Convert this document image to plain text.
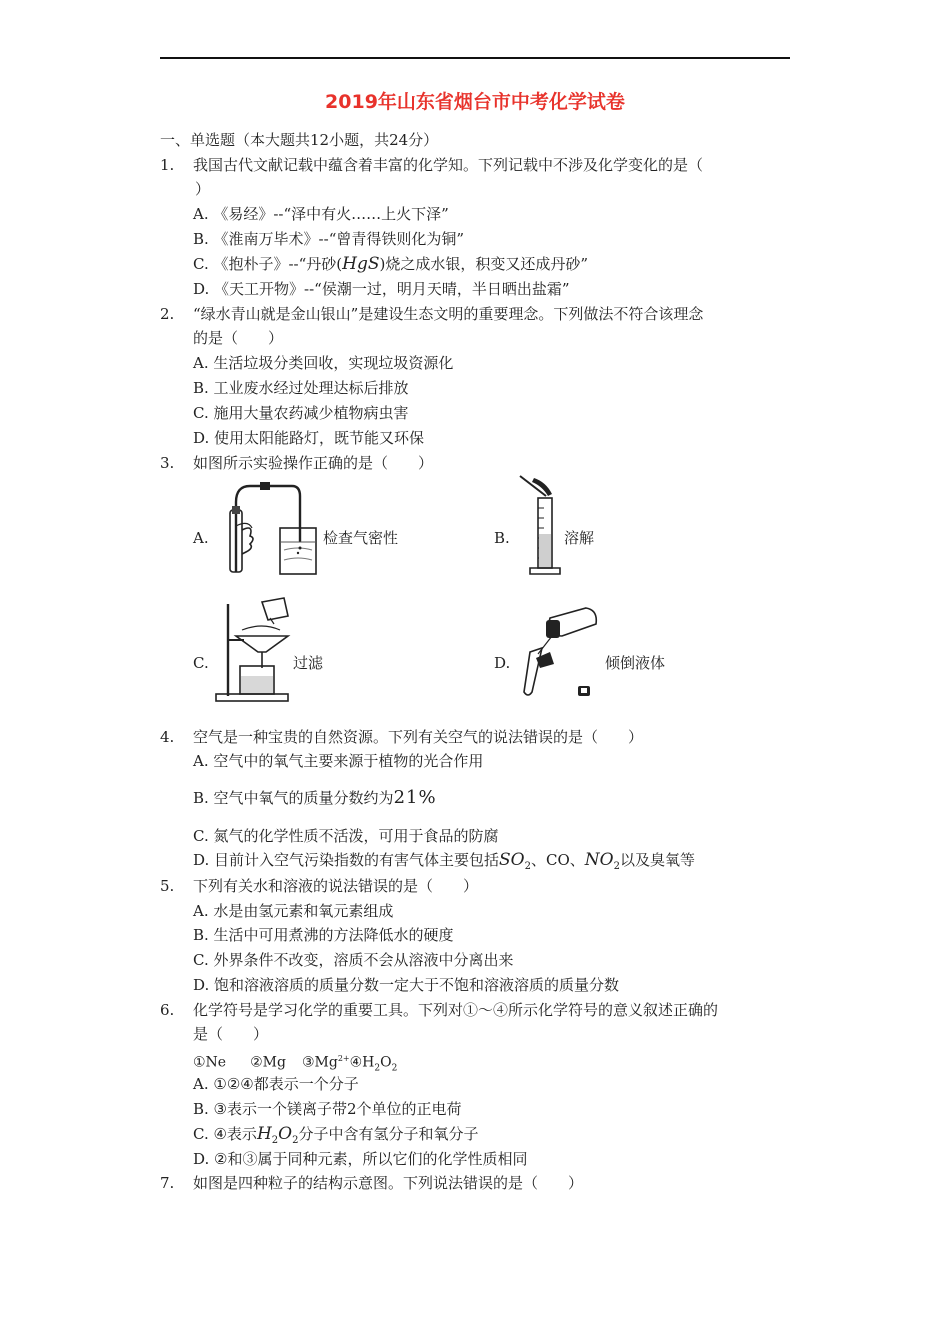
2019年山东省烟台市中考化学试卷
一、单选题（本大题共12小题，共24分）
1.	我国古代文献记载中蕴含着丰富的化学知。下列记载中不涉及化学变化的是（
）
A. 《易经》--“泽中有火……上火下泽”
B. 《淮南万毕术》--“曾青得铁则化为铜”
C. 《抱朴子》--“丹砂(HgS)烧之成水银，积变又还成丹砂”
D. 《天工开物》--“侯潮一过，明月天晴，半日晒出盐霜”
2.	“绿水青山就是金山银山”是建设生态文明的重要理念。下列做法不符合该理念
的是（　　）
A. 生活垃圾分类回收，实现垃圾资源化
B. 工业废水经过处理达标后排放
C. 施用大量农药减少植物病虫害
D. 使用太阳能路灯，既节能又环保
3.	如图所示实验操作正确的是（　　）
A.	检查气密性	B.	溶解
C.	过滤	D.	倾倒液体
4.	空气是一种宝贵的自然资源。下列有关空气的说法错误的是（　　）
A. 空气中的氧气主要来源于植物的光合作用
B. 空气中氧气的质量分数约为21%
C. 氮气的化学性质不活泼，可用于食品的防腐
D. 目前计入空气污染指数的有害气体主要包括$SO_2$、CO、$NO_2$以及臭氧等
5.	下列有关水和溶液的说法错误的是（　　）
A. 水是由氢元素和氧元素组成
B. 生活中可用煮沸的方法降低水的硬度
C. 外界条件不改变，溶质不会从溶液中分离出来
D. 饱和溶液溶质的质量分数一定大于不饱和溶液溶质的质量分数
6.	化学符号是学习化学的重要工具。下列对①～④所示化学符号的意义叙述正确的
是（　　）
①Ne ②Mg $③Mg^{2+}④H_2O_2$
A. ①②④都表示一个分子
B. ③表示一个镁离子带2个单位的正电荷
C. ④表示$H_2O_2$分子中含有氢分子和氧分子
D. ②和③属于同种元素，所以它们的化学性质相同
7.	如图是四种粒子的结构示意图。下列说法错误的是（　　）
